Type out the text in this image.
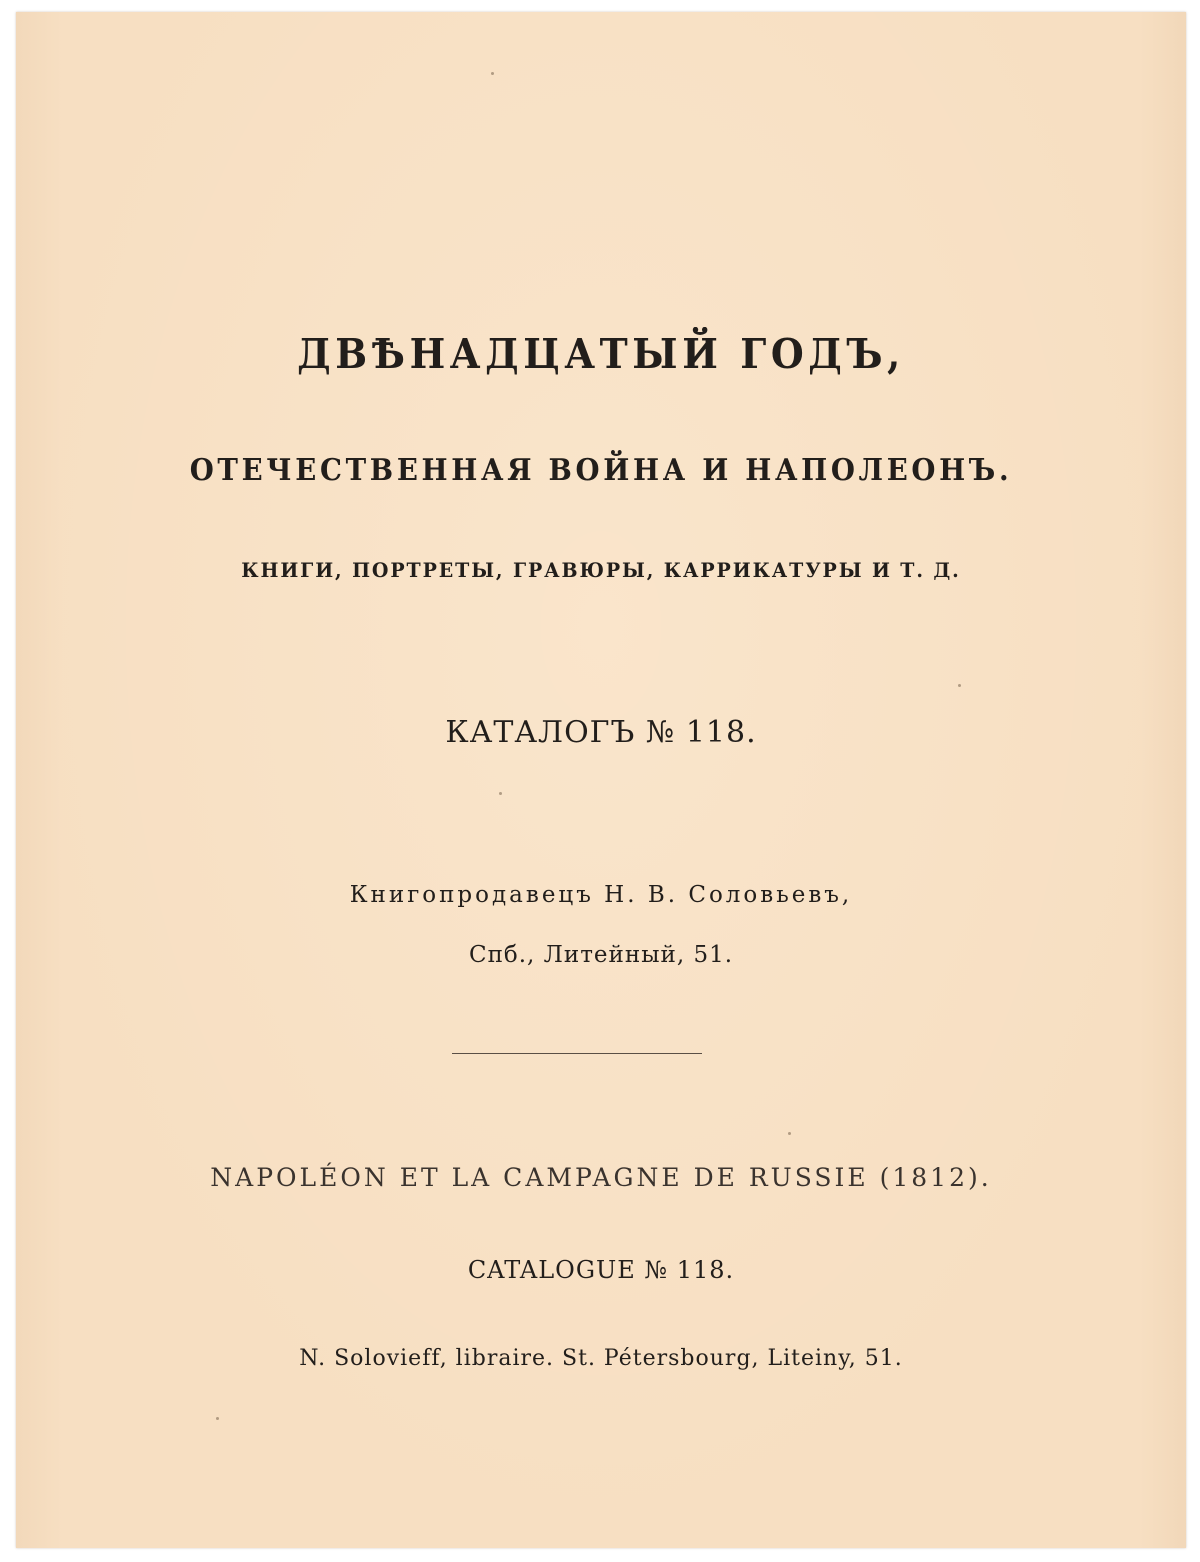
ДВѢНАДЦАТЫЙ ГОДЪ,
ОТЕЧЕСТВЕННАЯ ВОЙНА И НАПОЛЕОНЪ.
КНИГИ, ПОРТРЕТЫ, ГРАВЮРЫ, КАРРИКАТУРЫ И Т. Д.
КАТАЛОГЪ № 118.
Книгопродавецъ Н. В. Соловьевъ,
Спб., Литейный, 51.
NAPOLÉON ET LA CAMPAGNE DE RUSSIE (1812).
CATALOGUE № 118.
N. Solovieff, libraire. St. Pétersbourg, Liteiny, 51.
